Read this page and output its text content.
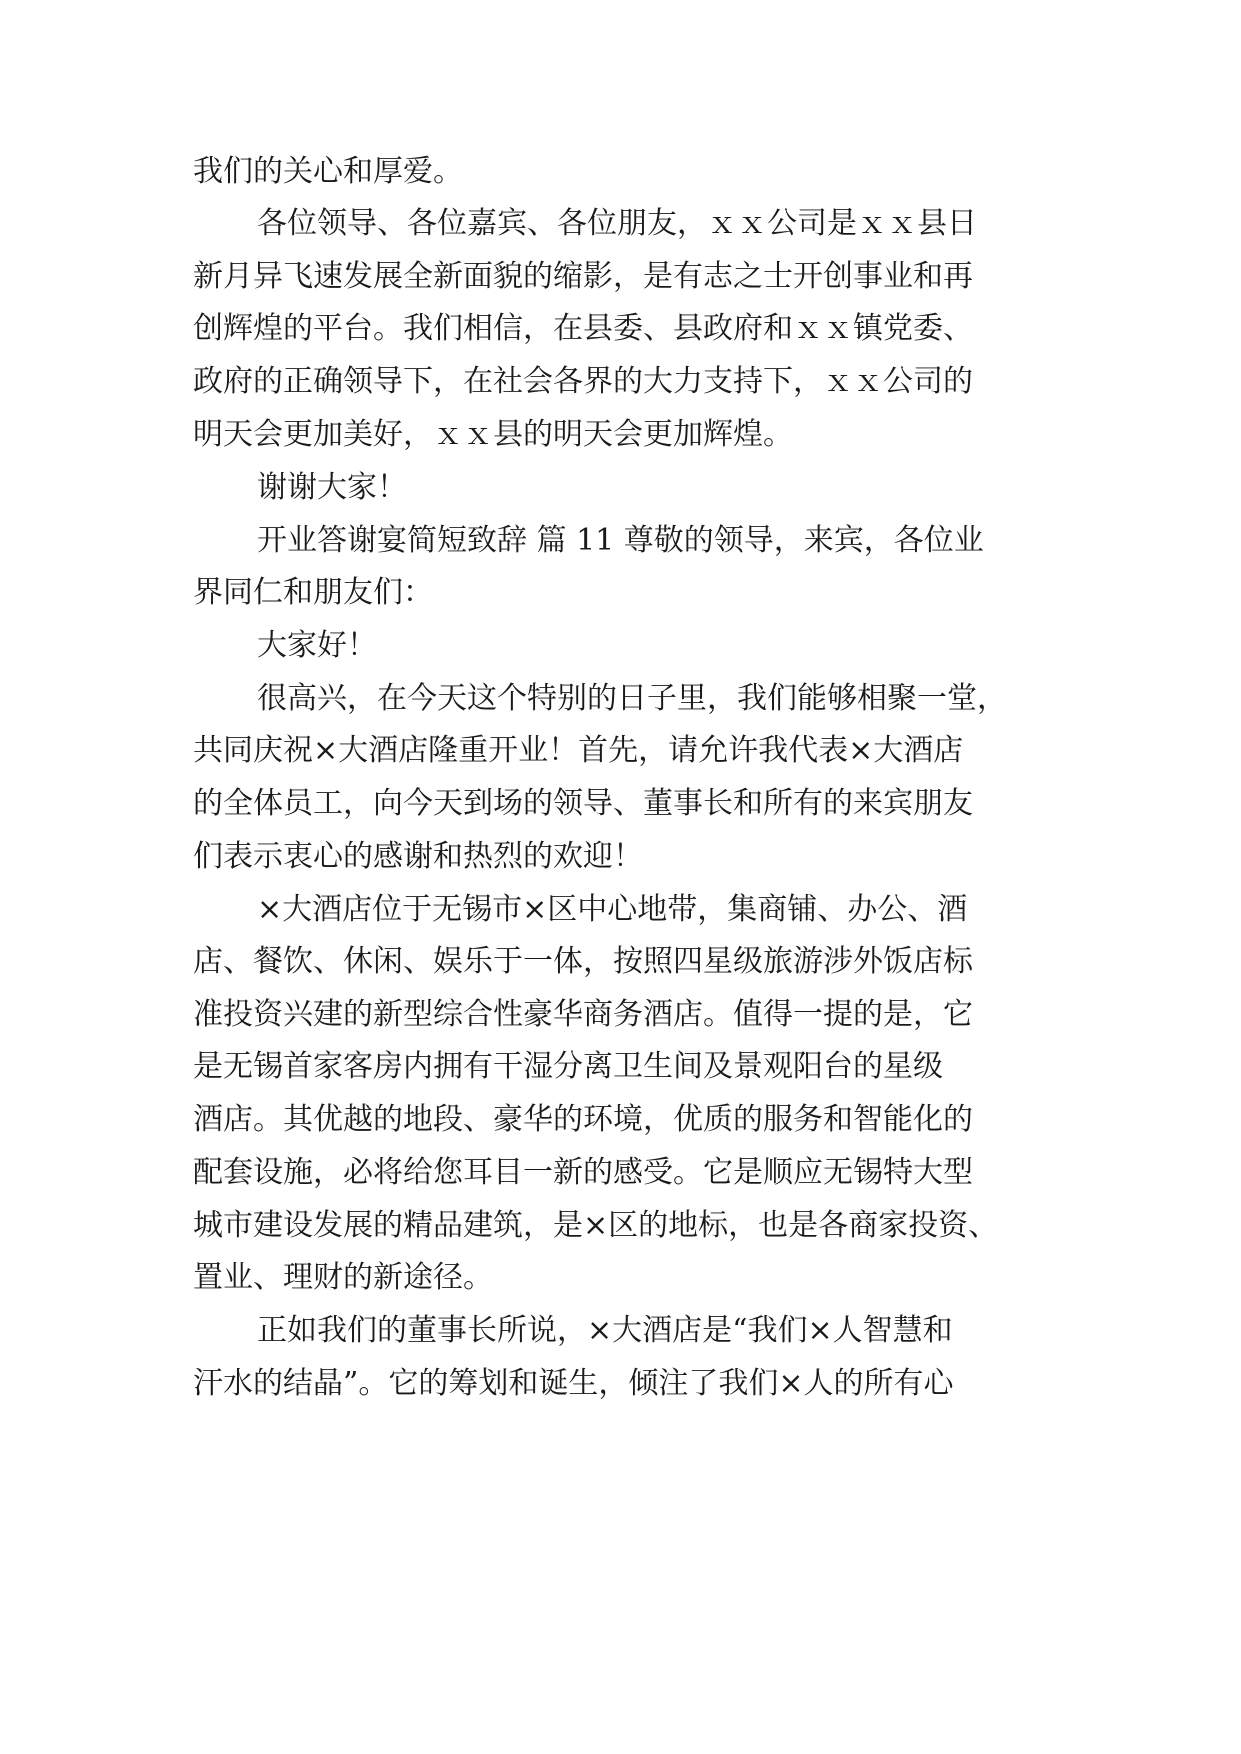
我们的关心和厚爱。
各位领导、各位嘉宾、各位朋友，ｘｘ公司是ｘｘ县日
新月异飞速发展全新面貌的缩影，是有志之士开创事业和再
创辉煌的平台。我们相信，在县委、县政府和ｘｘ镇党委、
政府的正确领导下，在社会各界的大力支持下，ｘｘ公司的
明天会更加美好，ｘｘ县的明天会更加辉煌。
谢谢大家！
开业答谢宴简短致辞 篇 11 尊敬的领导，来宾，各位业
界同仁和朋友们：
大家好！
很高兴，在今天这个特别的日子里，我们能够相聚一堂，
共同庆祝×大酒店隆重开业！首先，请允许我代表×大酒店
的全体员工，向今天到场的领导、董事长和所有的来宾朋友
们表示衷心的感谢和热烈的欢迎！
×大酒店位于无锡市×区中心地带，集商铺、办公、酒
店、餐饮、休闲、娱乐于一体，按照四星级旅游涉外饭店标
准投资兴建的新型综合性豪华商务酒店。值得一提的是，它
是无锡首家客房内拥有干湿分离卫生间及景观阳台的星级
酒店。其优越的地段、豪华的环境，优质的服务和智能化的
配套设施，必将给您耳目一新的感受。它是顺应无锡特大型
城市建设发展的精品建筑，是×区的地标，也是各商家投资、
置业、理财的新途径。
正如我们的董事长所说，×大酒店是“我们×人智慧和
汗水的结晶”。它的筹划和诞生，倾注了我们×人的所有心
